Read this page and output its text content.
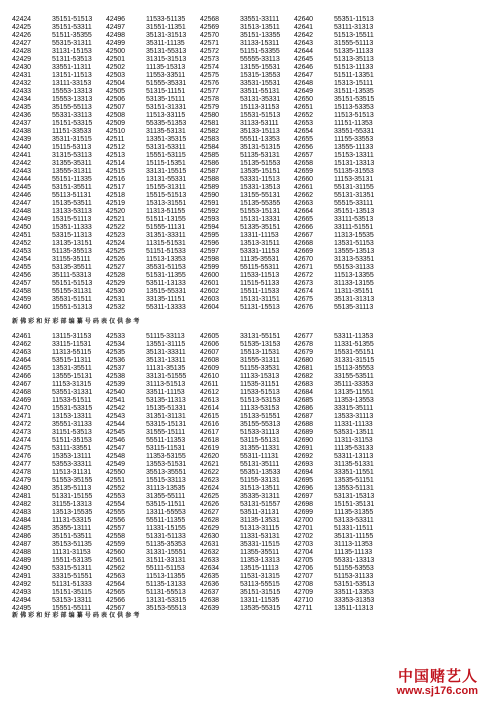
42424
42425
42426
42427
42428
42429
42430
42431
42432
42433
42434
42435
42436
42437
42438
42439
42440
42441
42442
42443
42444
42445
42446
42447
42448
42449
42450
42451
42452
42453
42454
42455
42456
42457
42458
42459
42460
35151-51513
35151-53311
51511-35355
55315-31311
31131-15153
51311-53513
33551-11311
13151-11513
13111-33153
15553-13313
15553-13313
35155-55113
55331-33113
15151-53315
11151-33533
35311-31515
15115-53113
31315-53113
31355-35311
13555-31311
55151-11335
53151-35511
55113-51131
15135-53511
13133-53113
15315-51113
15351-11333
53315-11313
13135-13151
51135-35513
31155-35111
53135-35511
35111-53313
55151-51513
55155-31131
35531-51511
15551-51313
42496
42497
42498
42499
42500
42501
42502
42503
42504
42505
42506
42507
42508
42509
42510
42511
42512
42513
42514
42515
42516
42517
42518
42519
42520
42521
42522
42523
42524
42525
42526
42527
42528
42529
42530
42531
42532
11533-51135
31551-11351
35131-31513
35311-11135
35131-55313
31315-31513
11135-15313
11553-33511
51555-35331
51315-11151
53135-15111
53151-31331
11513-33115
55335-51353
31135-53131
13351-35315
53131-53311
15551-53115
15115-15351
33131-15515
13131-55331
15155-31311
15515-51513
15313-31551
11313-51155
51511-13155
51555-11131
31351-33311
11315-51531
51151-51533
11513-13353
35531-51153
51531-11355
53511-13133
13515-55331
33135-11151
55311-13333
42568
42569
42570
42571
42572
42573
42574
42575
42576
42577
42578
42579
42580
42581
42582
42583
42584
42585
42586
42587
42588
42589
42590
42591
42592
42593
42594
42595
42596
42597
42598
42599
42600
42601
42602
42603
42604
33551-33111
31513-13511
35151-13355
31133-15311
51151-53355
55555-33113
13155-15531
15315-13553
33531-15531
33511-55131
53131-35331
15113-31153
15531-51513
31133-53111
35133-15113
55511-13353
35131-51315
51135-53131
15135-51553
13535-15151
53331-11513
15331-13513
13155-55131
15135-55355
51553-15131
15131-13331
51335-35151
13311-11153
13513-31511
53331-11153
11135-35531
55115-55311
11533-11513
11515-51133
15511-11533
15131-31151
51131-15513
42640
42641
42642
42643
42644
42645
42646
42647
42648
42649
42650
42651
42652
42653
42654
42655
42656
42657
42658
42659
42660
42661
42662
42663
42664
42665
42666
42667
42668
42669
42670
42671
42672
42673
42674
42675
42676
55351-11513
53111-31313
51513-15511
31555-51113
51335-11133
51313-35113
51513-11133
51511-13351
15313-15111
31511-13535
35151-53515
15113-53353
11513-51513
11151-11353
33551-55331
11155-33553
13555-11133
15153-13311
15131-13313
51135-31553
11153-35131
55131-31155
55131-31351
55515-33111
35151-13513
33111-53513
33111-51551
11313-15535
13531-51153
13555-13513
31313-53351
55153-31133
11513-13355
31133-13155
11311-35151
35131-31313
55135-31113
新 佛 彩 和 好 彩 部 编 纂 号 码 表 仅 供 参 考
42461
42462
42463
42464
42465
42466
42467
42468
42469
42470
42471
42472
42473
42474
42475
42476
42477
42478
42479
42480
42481
42482
42483
42484
42485
42486
42487
42488
42489
42490
42491
42492
42493
42494
42495
13115-31153
33115-11531
11313-55115
53515-11311
13531-35511
13555-15131
11153-31315
53551-31331
11533-51511
15531-53315
13153-13311
35551-31133
31151-53513
51511-35153
53111-33551
15353-13111
53553-33311
11513-31131
51553-35155
35135-51113
51331-15155
31155-13313
13513-15535
11131-53315
35355-13111
35151-53511
35153-51135
11131-31153
15511-53135
53315-51311
33315-51551
51131-51333
15151-35115
53153-13311
15551-55111
42533
42534
42535
42536
42537
42538
42539
42540
42541
42542
42543
42544
42545
42546
42547
42548
42549
42550
42551
42552
42553
42554
42555
42556
42557
42558
42559
42560
42561
42562
42563
42564
42565
42566
42567
51115-33113
13551-31115
35131-33311
35131-13311
11131-35135
33131-51555
31113-51513
33511-11153
53135-11313
15135-51331
31351-31131
53315-15131
31555-15111
55511-11353
53115-11531
11353-53155
13553-51531
35513-35551
15515-33113
31113-13535
31355-55111
53515-11511
13311-55553
55511-11355
11331-15155
51331-51133
51135-35353
31331-15551
31511-33131
55111-51153
11513-11355
51135-13133
51131-55513
13131-53315
35153-55513
42605
42606
42607
42608
42609
42610
42611
42612
42613
42614
42615
42616
42617
42618
42619
42620
42621
42622
42623
42624
42625
42626
42627
42628
42629
42630
42631
42632
42633
42634
42635
42636
42637
42638
42639
33131-55151
51535-13153
15513-11531
31555-31311
51155-33531
11133-15313
11535-31151
11533-51513
51513-53153
11133-53153
15133-51551
35155-55313
51533-31113
53115-55131
31355-11331
55311-11131
55131-35111
55351-13533
51155-33131
31513-13511
35335-31311
53131-51557
53511-31131
31135-13531
51313-31115
11331-53131
35331-11515
11355-35511
11353-13313
13515-11113
11531-31315
53113-55515
35151-31515
13311-11535
13535-55315
42677
42678
42679
42680
42681
42682
42683
42684
42685
42686
42687
42688
42689
42690
42691
42692
42693
42694
42695
42696
42697
42698
42699
42700
42701
42702
42703
42704
42705
42706
42707
42708
42709
42710
42711
53311-11353
11331-51355
15531-55151
31331-31515
15113-35553
33155-53511
35111-33353
13135-11551
11353-13553
33315-35111
13533-31113
11331-11133
53531-13511
11311-31153
11135-53133
53311-13113
31135-51331
33351-11551
13535-51151
13553-51131
53131-15313
15151-35131
11135-31355
53133-53311
51331-11511
35131-11155
31113-11353
11135-11133
55331-13313
51155-53553
51153-31133
53151-53513
33511-13353
33353-31353
13511-11313
新 佛 彩 和 好 彩 部 编 纂 号 码 表 仅 供 参 考
中国赌艺人
www.sj176.com
